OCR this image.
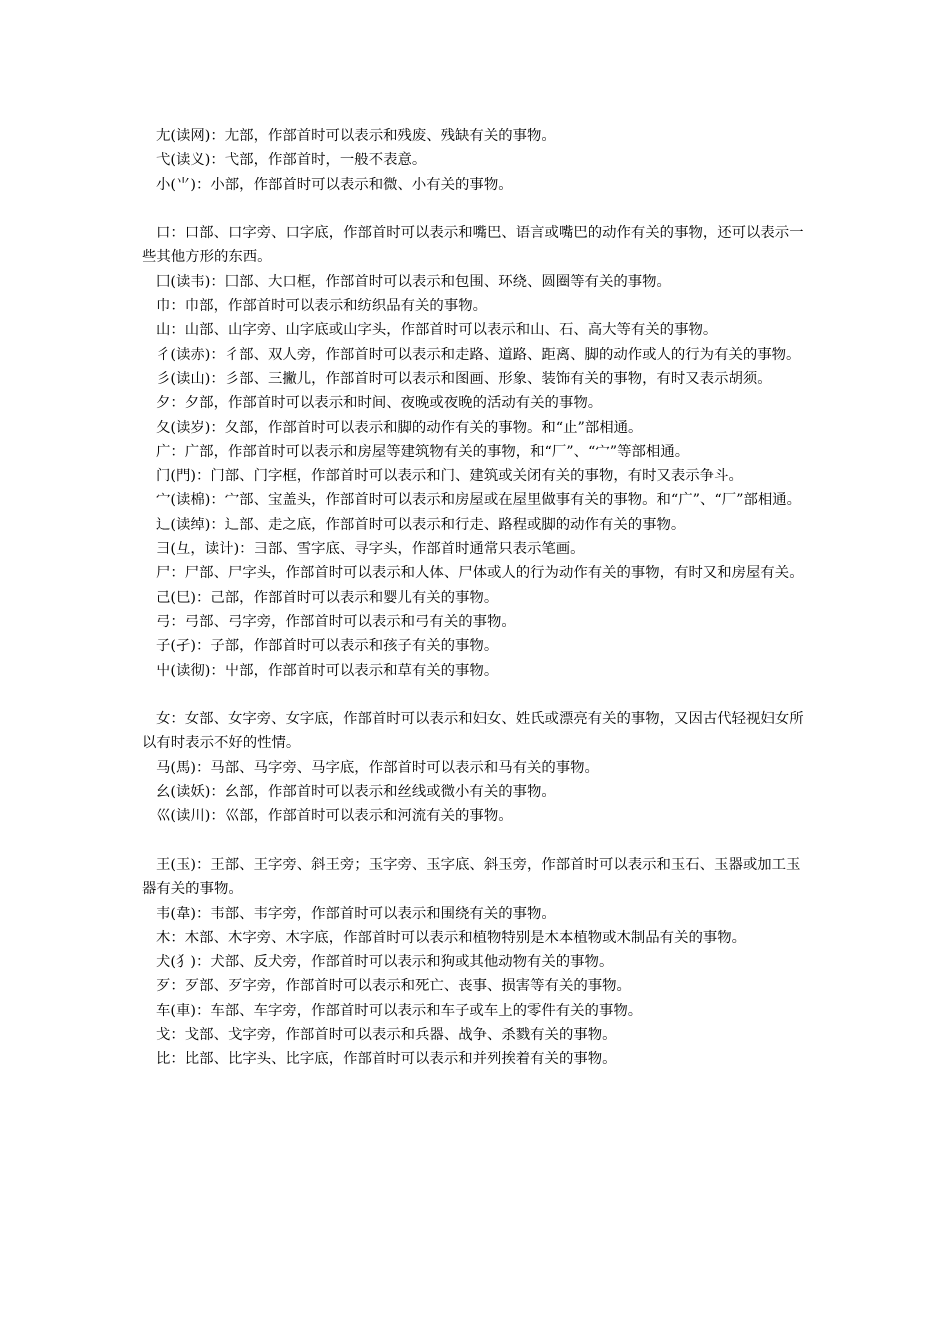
尢(读网)：尢部，作部首时可以表示和残废、残缺有关的事物。

弋(读义)：弋部，作部首时，一般不表意。

小(⺌)：小部，作部首时可以表示和微、小有关的事物。

口：口部、口字旁、口字底，作部首时可以表示和嘴巴、语言或嘴巴的动作有关的事物，还可以表示一些其他方形的东西。

囗(读韦)：囗部、大口框，作部首时可以表示和包围、环绕、圆圈等有关的事物。

巾：巾部，作部首时可以表示和纺织品有关的事物。

山：山部、山字旁、山字底或山字头，作部首时可以表示和山、石、高大等有关的事物。

彳(读赤)：彳部、双人旁，作部首时可以表示和走路、道路、距离、脚的动作或人的行为有关的事物。

彡(读山)：彡部、三撇儿，作部首时可以表示和图画、形象、装饰有关的事物，有时又表示胡须。

夕：夕部，作部首时可以表示和时间、夜晚或夜晚的活动有关的事物。

夂(读岁)：夂部，作部首时可以表示和脚的动作有关的事物。和“止”部相通。

广：广部，作部首时可以表示和房屋等建筑物有关的事物，和“厂”、“宀”等部相通。

门(門)：门部、门字框，作部首时可以表示和门、建筑或关闭有关的事物，有时又表示争斗。

宀(读棉)：宀部、宝盖头，作部首时可以表示和房屋或在屋里做事有关的事物。和“广”、“厂”部相通。

辶(读绰)：辶部、走之底，作部首时可以表示和行走、路程或脚的动作有关的事物。

彐(彑，读计)：彐部、雪字底、寻字头，作部首时通常只表示笔画。

尸：尸部、尸字头，作部首时可以表示和人体、尸体或人的行为动作有关的事物，有时又和房屋有关。

己(巳)：己部，作部首时可以表示和婴儿有关的事物。

弓：弓部、弓字旁，作部首时可以表示和弓有关的事物。

子(孑)：子部，作部首时可以表示和孩子有关的事物。

屮(读彻)：屮部，作部首时可以表示和草有关的事物。

女：女部、女字旁、女字底，作部首时可以表示和妇女、姓氏或漂亮有关的事物，又因古代轻视妇女所以有时表示不好的性情。

马(馬)：马部、马字旁、马字底，作部首时可以表示和马有关的事物。

幺(读妖)：幺部，作部首时可以表示和丝线或微小有关的事物。

巛(读川)：巛部，作部首时可以表示和河流有关的事物。

王(玉)：王部、王字旁、斜王旁；玉字旁、玉字底、斜玉旁，作部首时可以表示和玉石、玉器或加工玉器有关的事物。

韦(韋)：韦部、韦字旁，作部首时可以表示和围绕有关的事物。

木：木部、木字旁、木字底，作部首时可以表示和植物特别是木本植物或木制品有关的事物。

犬(犭)：犬部、反犬旁，作部首时可以表示和狗或其他动物有关的事物。

歹：歹部、歹字旁，作部首时可以表示和死亡、丧事、损害等有关的事物。

车(車)：车部、车字旁，作部首时可以表示和车子或车上的零件有关的事物。

戈：戈部、戈字旁，作部首时可以表示和兵器、战争、杀戮有关的事物。

比：比部、比字头、比字底，作部首时可以表示和并列挨着有关的事物。
